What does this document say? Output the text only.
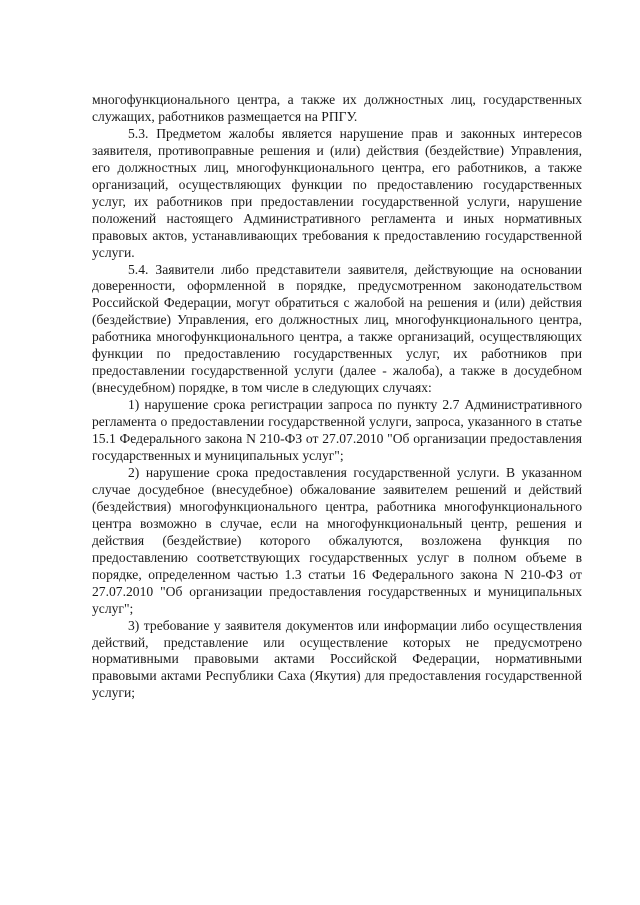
многофункционального центра, а также их должностных лиц, государственных служащих, работников размещается на РПГУ.

5.3. Предметом жалобы является нарушение прав и законных интересов заявителя, противоправные решения и (или) действия (бездействие) Управления, его должностных лиц, многофункционального центра, его работников, а также организаций, осуществляющих функции по предоставлению государственных услуг, их работников при предоставлении государственной услуги, нарушение положений настоящего Административного регламента и иных нормативных правовых актов, устанавливающих требования к предоставлению государственной услуги.

5.4. Заявители либо представители заявителя, действующие на основании доверенности, оформленной в порядке, предусмотренном законодательством Российской Федерации, могут обратиться с жалобой на решения и (или) действия (бездействие) Управления, его должностных лиц, многофункционального центра, работника многофункционального центра, а также организаций, осуществляющих функции по предоставлению государственных услуг, их работников при предоставлении государственной услуги (далее - жалоба), а также в досудебном (внесудебном) порядке, в том числе в следующих случаях:

1) нарушение срока регистрации запроса по пункту 2.7 Административного регламента о предоставлении государственной услуги, запроса, указанного в статье 15.1 Федерального закона N 210-ФЗ от 27.07.2010 "Об организации предоставления государственных и муниципальных услуг";

2) нарушение срока предоставления государственной услуги. В указанном случае досудебное (внесудебное) обжалование заявителем решений и действий (бездействия) многофункционального центра, работника многофункционального центра возможно в случае, если на многофункциональный центр, решения и действия (бездействие) которого обжалуются, возложена функция по предоставлению соответствующих государственных услуг в полном объеме в порядке, определенном частью 1.3 статьи 16 Федерального закона N 210-ФЗ от 27.07.2010 "Об организации предоставления государственных и муниципальных услуг";

3) требование у заявителя документов или информации либо осуществления действий, представление или осуществление которых не предусмотрено нормативными правовыми актами Российской Федерации, нормативными правовыми актами Республики Саха (Якутия) для предоставления государственной услуги;
